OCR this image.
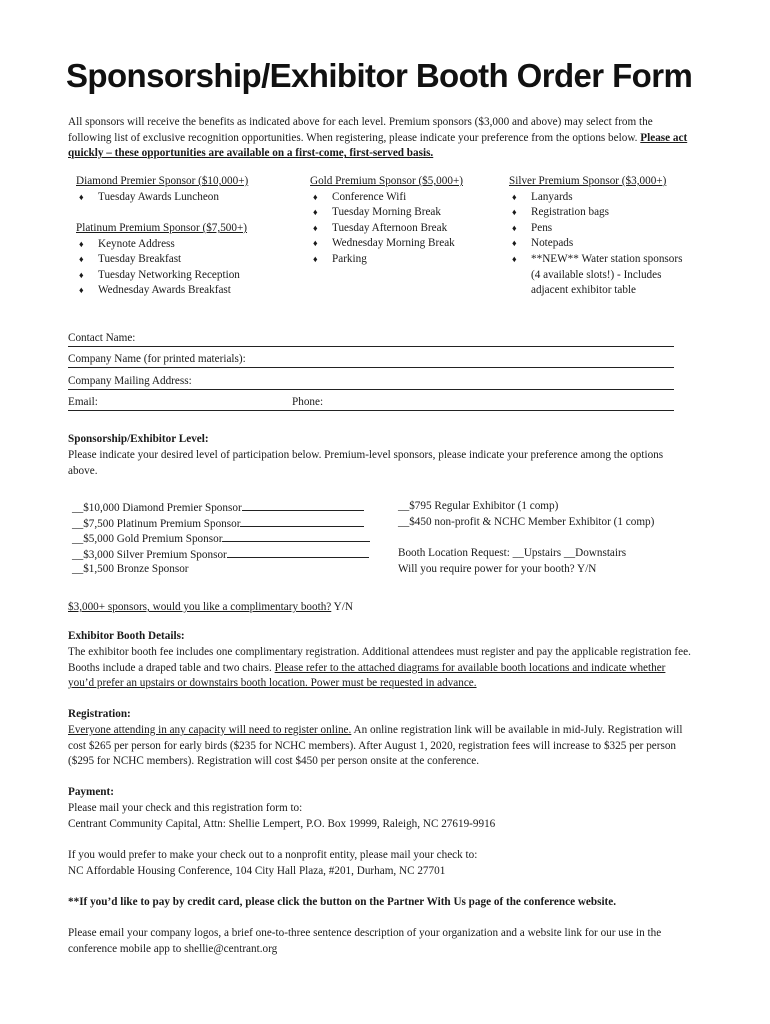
Sponsorship/Exhibitor Booth Order Form
All sponsors will receive the benefits as indicated above for each level. Premium sponsors ($3,000 and above) may select from the following list of exclusive recognition opportunities. When registering, please indicate your preference from the options below. Please act quickly – these opportunities are available on a first-come, first-served basis.
Diamond Premier Sponsor ($10,000+)
♦ Tuesday Awards Luncheon
Platinum Premium Sponsor ($7,500+)
♦ Keynote Address
♦ Tuesday Breakfast
♦ Tuesday Networking Reception
♦ Wednesday Awards Breakfast
Gold Premium Sponsor ($5,000+)
♦ Conference Wifi
♦ Tuesday Morning Break
♦ Tuesday Afternoon Break
♦ Wednesday Morning Break
♦ Parking
Silver Premium Sponsor ($3,000+)
♦ Lanyards
♦ Registration bags
♦ Pens
♦ Notepads
♦ **NEW** Water station sponsors (4 available slots!) - Includes adjacent exhibitor table
Contact Name:
Company Name (for printed materials):
Company Mailing Address:
Email:	Phone:
Sponsorship/Exhibitor Level:
Please indicate your desired level of participation below. Premium-level sponsors, please indicate your preference among the options above.
__$10,000 Diamond Premier Sponsor
__$7,500 Platinum Premium Sponsor
__$5,000 Gold Premium Sponsor
__$3,000 Silver Premium Sponsor
__$1,500 Bronze Sponsor
__$795 Regular Exhibitor (1 comp)
__$450 non-profit & NCHC Member Exhibitor (1 comp)
Booth Location Request: __Upstairs __Downstairs
Will you require power for your booth? Y/N
$3,000+ sponsors, would you like a complimentary booth? Y/N
Exhibitor Booth Details:
The exhibitor booth fee includes one complimentary registration. Additional attendees must register and pay the applicable registration fee. Booths include a draped table and two chairs. Please refer to the attached diagrams for available booth locations and indicate whether you’d prefer an upstairs or downstairs booth location. Power must be requested in advance.
Registration:
Everyone attending in any capacity will need to register online. An online registration link will be available in mid-July. Registration will cost $265 per person for early birds ($235 for NCHC members). After August 1, 2020, registration fees will increase to $325 per person ($295 for NCHC members). Registration will cost $450 per person onsite at the conference.
Payment:
Please mail your check and this registration form to:
Centrant Community Capital, Attn: Shellie Lempert, P.O. Box 19999, Raleigh, NC 27619-9916
If you would prefer to make your check out to a nonprofit entity, please mail your check to:
NC Affordable Housing Conference, 104 City Hall Plaza, #201, Durham, NC 27701
**If you’d like to pay by credit card, please click the button on the Partner With Us page of the conference website.
Please email your company logos, a brief one-to-three sentence description of your organization and a website link for our use in the conference mobile app to shellie@centrant.org
